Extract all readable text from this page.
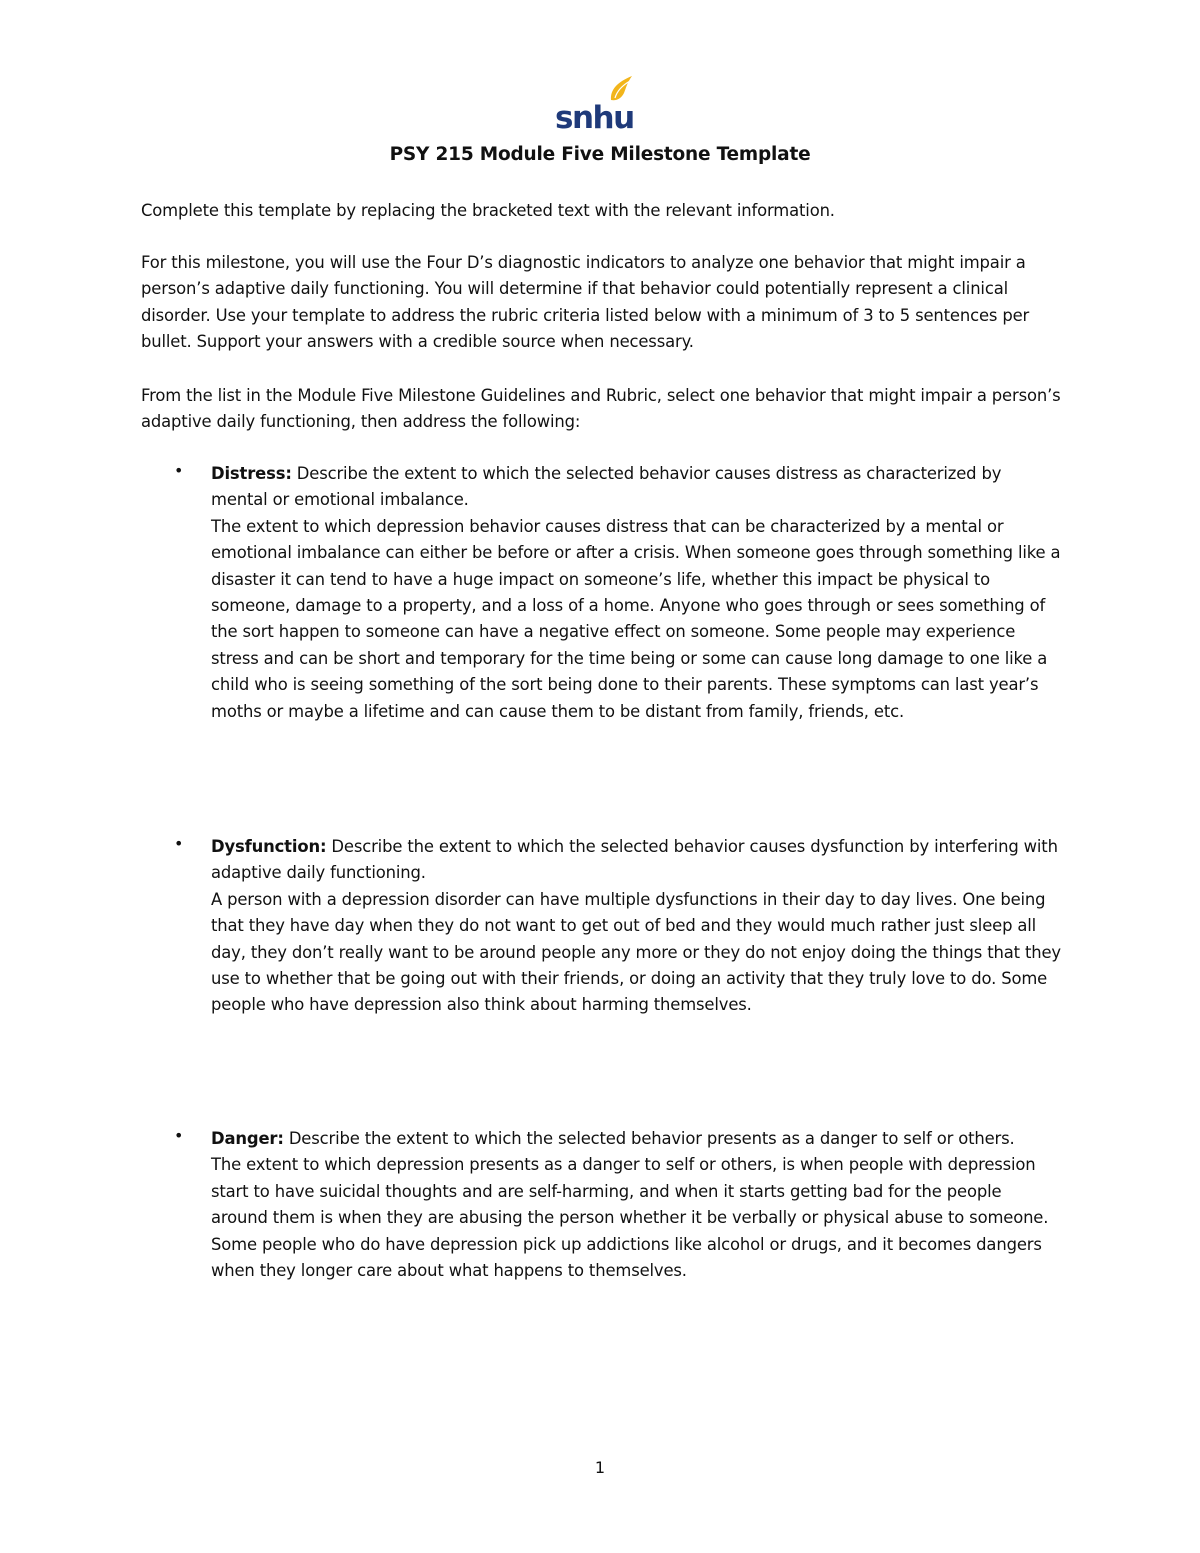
snhu
PSY 215 Module Five Milestone Template
Complete this template by replacing the bracketed text with the relevant information.
For this milestone, you will use the Four D’s diagnostic indicators to analyze one behavior that might impair a person’s adaptive daily functioning. You will determine if that behavior could potentially represent a clinical disorder. Use your template to address the rubric criteria listed below with a minimum of 3 to 5 sentences per bullet. Support your answers with a credible source when necessary.
From the list in the Module Five Milestone Guidelines and Rubric, select one behavior that might impair a person’s adaptive daily functioning, then address the following:
• Distress: Describe the extent to which the selected behavior causes distress as characterized by mental or emotional imbalance.
The extent to which depression behavior causes distress that can be characterized by a mental or emotional imbalance can either be before or after a crisis. When someone goes through something like a disaster it can tend to have a huge impact on someone’s life, whether this impact be physical to someone, damage to a property, and a loss of a home. Anyone who goes through or sees something of the sort happen to someone can have a negative effect on someone. Some people may experience stress and can be short and temporary for the time being or some can cause long damage to one like a child who is seeing something of the sort being done to their parents. These symptoms can last year’s moths or maybe a lifetime and can cause them to be distant from family, friends, etc.
• Dysfunction: Describe the extent to which the selected behavior causes dysfunction by interfering with adaptive daily functioning.
A person with a depression disorder can have multiple dysfunctions in their day to day lives. One being that they have day when they do not want to get out of bed and they would much rather just sleep all day, they don’t really want to be around people any more or they do not enjoy doing the things that they use to whether that be going out with their friends, or doing an activity that they truly love to do. Some people who have depression also think about harming themselves.
• Danger: Describe the extent to which the selected behavior presents as a danger to self or others.
The extent to which depression presents as a danger to self or others, is when people with depression start to have suicidal thoughts and are self-harming, and when it starts getting bad for the people around them is when they are abusing the person whether it be verbally or physical abuse to someone. Some people who do have depression pick up addictions like alcohol or drugs, and it becomes dangers when they longer care about what happens to themselves.
1
